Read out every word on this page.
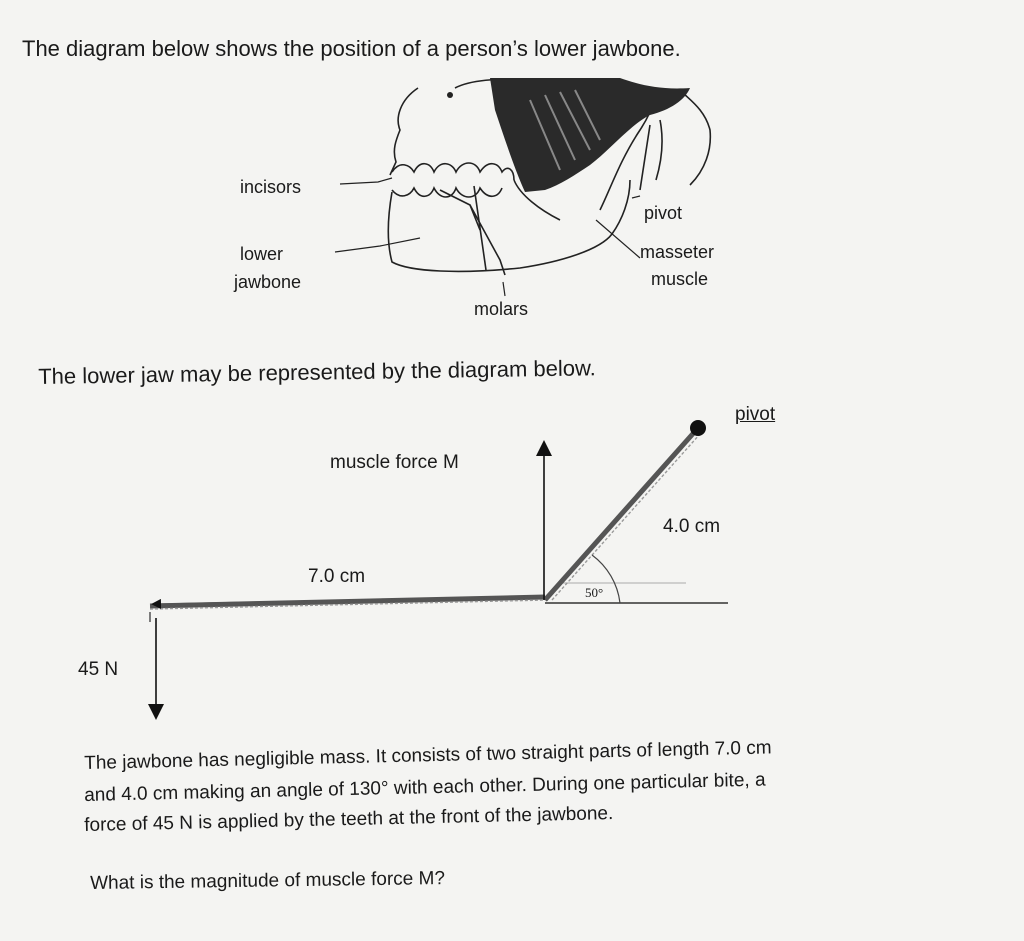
The diagram below shows the position of a person’s lower jawbone.
incisors
lower
jawbone
pivot
masseter
muscle
molars
The lower jaw may be represented by the diagram below.
pivot
muscle force M
4.0 cm
7.0 cm
50°
45 N
The jawbone has negligible mass. It consists of two straight parts of length 7.0 cm
and 4.0 cm making an angle of 130° with each other. During one particular bite, a
force of 45 N is applied by the teeth at the front of the jawbone.
What is the magnitude of muscle force M?
